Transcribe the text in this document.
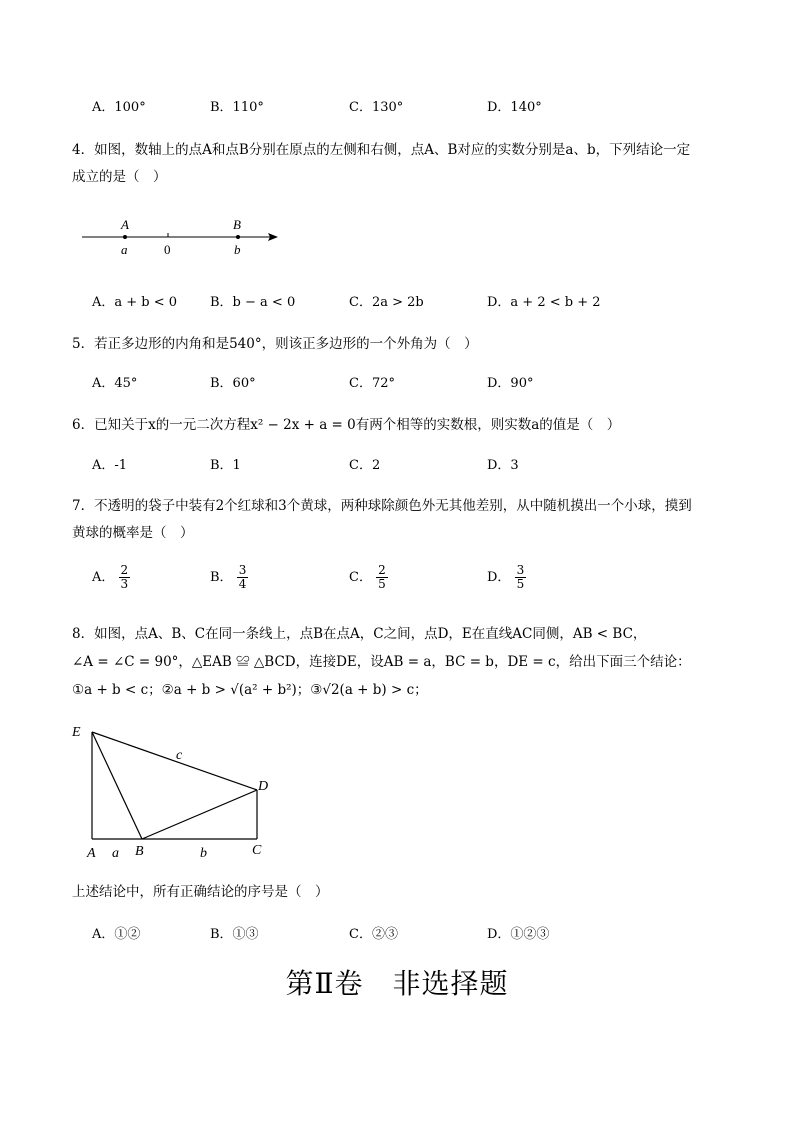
A．100°	B．110°	C．130°	D．140°
4．如图，数轴上的点A和点B分别在原点的左侧和右侧，点A、B对应的实数分别是a、b，下列结论一定
成立的是（　）
A	B
a	0	b
A．a + b < 0	B．b − a < 0	C．2a > 2b	D．a + 2 < b + 2
5．若正多边形的内角和是540°，则该正多边形的一个外角为（　）
A．45°	B．60°	C．72°	D．90°
6．已知关于x的一元二次方程x² − 2x + a = 0有两个相等的实数根，则实数a的值是（　）
A．-1	B．1	C．2	D．3
7．不透明的袋子中装有2个红球和3个黄球，两种球除颜色外无其他差别，从中随机摸出一个小球，摸到
黄球的概率是（　）
A． $\frac{2}{3}$	B． $\frac{3}{4}$	C． $\frac{2}{5}$	D． $\frac{3}{5}$
8．如图，点A、B、C在同一条线上，点B在点A，C之间，点D，E在直线AC同侧，AB < BC，
∠A = ∠C = 90°，△EAB ≌ △BCD，连接DE，设AB = a，BC = b，DE = c，给出下面三个结论：
①a + b < c；②a + b > √(a² + b²)；③√2(a + b) > c；
E
D
A	B	C
a	b
c
上述结论中，所有正确结论的序号是（　）
A．①②	B．①③	C．②③	D．①②③
第Ⅱ卷　非选择题
